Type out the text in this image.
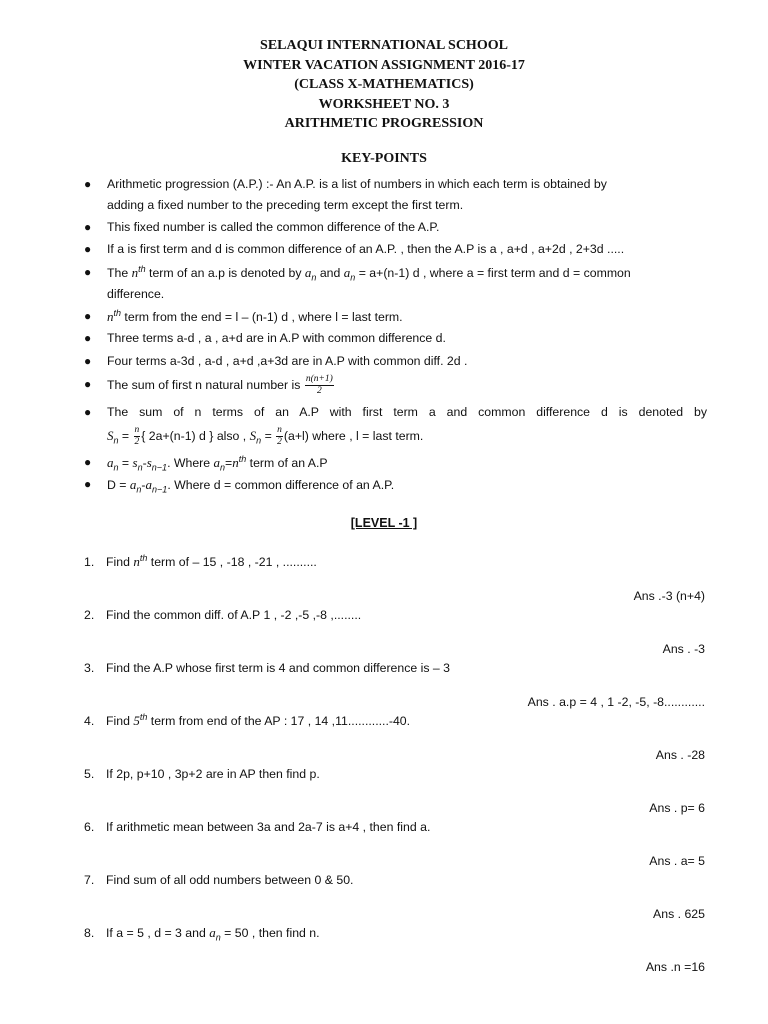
SELAQUI INTERNATIONAL SCHOOL
WINTER VACATION ASSIGNMENT 2016-17
(CLASS X-MATHEMATICS)
WORKSHEET NO. 3
ARITHMETIC PROGRESSION
KEY-POINTS
● Arithmetic progression (A.P.) :- An A.P. is a list of numbers in which each term is obtained by
adding a fixed number to the preceding term except the first term.
● This fixed number is called the common difference of the A.P.
● If a is first term and d is common difference of an A.P. , then the A.P is a , a+d , a+2d , 2+3d .....
● The $n^{th}$ term of an a.p is denoted by $a_n$ and $a_n = a+(n-1)$ d , where a = first term and d = common
difference.
● $n^{th}$ term from the end = l – (n-1) d , where l = last term.
● Three terms a-d , a , a+d are in A.P with common difference d.
● Four terms a-3d , a-d , a+d ,a+3d are in A.P with common diff. 2d .
● The sum of first n natural number is $\frac{n(n+1)}{2}$
● The sum of n terms of an A.P with first term a and common difference d is denoted by
$S_n = \frac{n}{2}$ { 2a+(n-1) d } also , $S_n = \frac{n}{2} (a+l)$ where , l = last term.
● $a_n = s_n-s_{n-1}$. Where $a_n=n^{th}$ term of an A.P
● $D = a_n-a_{n-1}$. Where d = common difference of an A.P.
[LEVEL -1 ]
1. Find $n^{th}$ term of – 15 , -18 , -21 , ..........
Ans .-3 (n+4)
2. Find the common diff. of A.P 1 , -2 ,-5 ,-8 ,........
Ans . -3
3. Find the A.P whose first term is 4 and common difference is – 3
Ans . a.p = 4 , 1 -2, -5, -8............
4. Find 5th term from end of the AP : 17 , 14 ,11............-40.
Ans . -28
5. If 2p, p+10 , 3p+2 are in AP then find p.
Ans . p= 6
6. If arithmetic mean between 3a and 2a-7 is a+4 , then find a.
Ans . a= 5
7. Find sum of all odd numbers between 0 & 50.
Ans . 625
8. If a = 5 , d = 3 and $a_n = 50$ , then find n.
Ans .n =16
